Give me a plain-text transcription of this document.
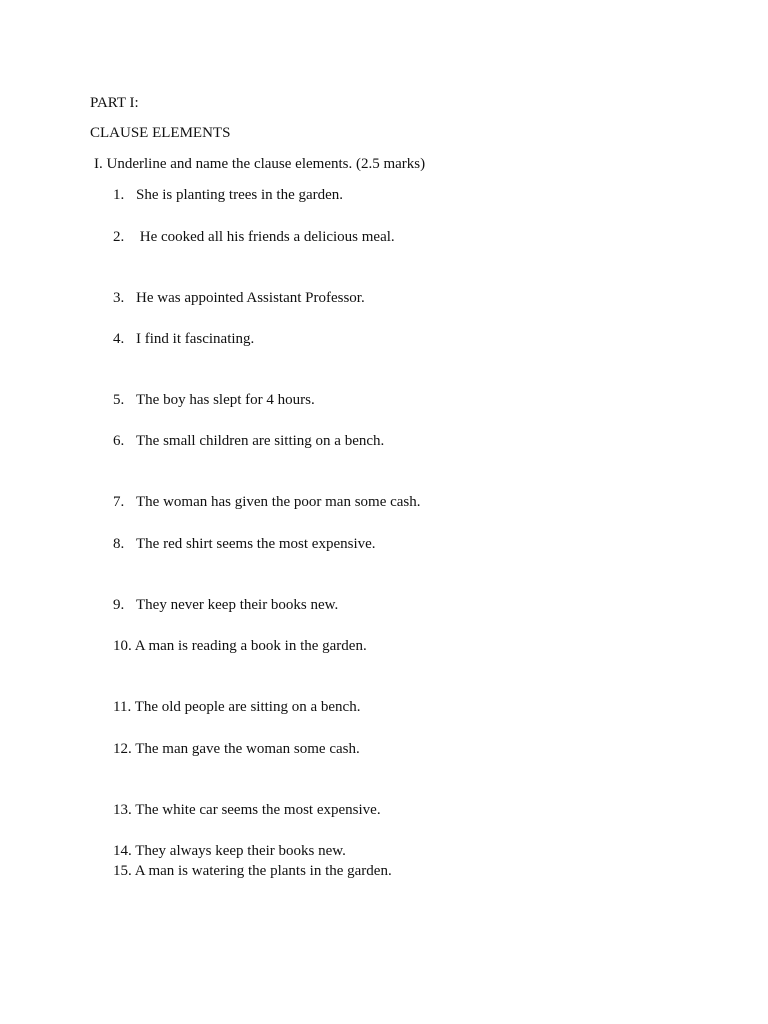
PART I:
CLAUSE ELEMENTS
I. Underline and name the clause elements. (2.5 marks)
1. She is planting trees in the garden.
2. He cooked all his friends a delicious meal.
3. He was appointed Assistant Professor.
4. I find it fascinating.
5. The boy has slept for 4 hours.
6. The small children are sitting on a bench.
7. The woman has given the poor man some cash.
8. The red shirt seems the most expensive.
9. They never keep their books new.
10. A man is reading a book in the garden.
11. The old people are sitting on a bench.
12. The man gave the woman some cash.
13. The white car seems the most expensive.
14. They always keep their books new.
15. A man is watering the plants in the garden.
